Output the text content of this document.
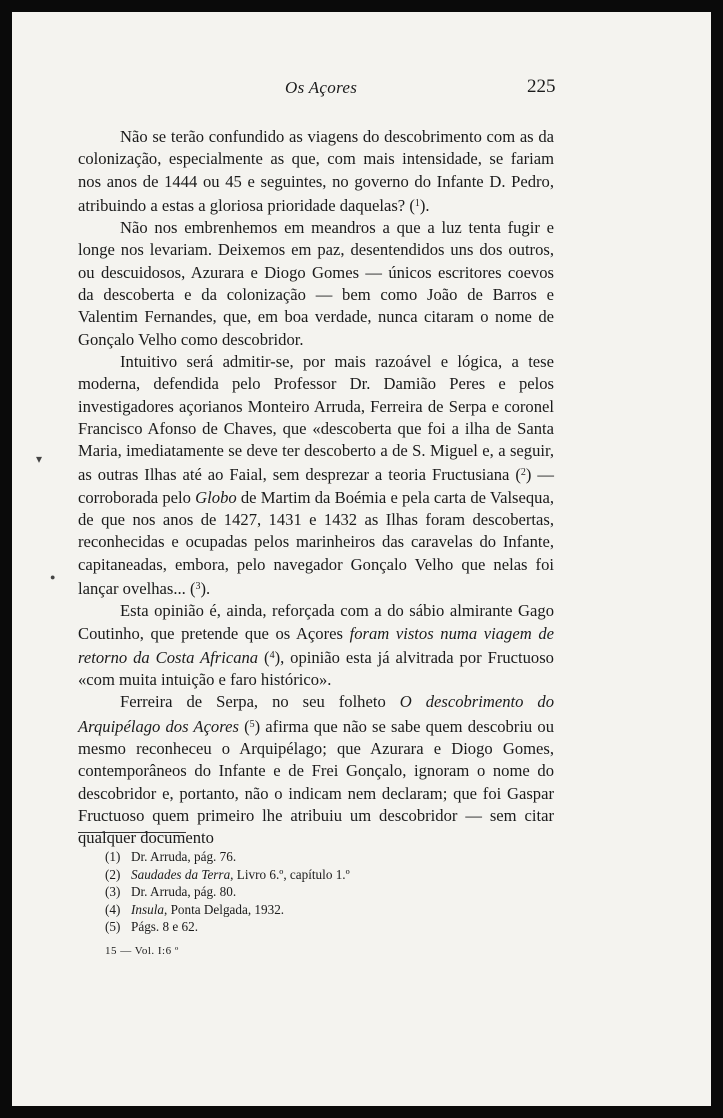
Os Açores	225

Não se terão confundido as viagens do descobrimento com as da colonização, especialmente as que, com mais intensidade, se fariam nos anos de 1444 ou 45 e seguintes, no governo do Infante D. Pedro, atribuindo a estas a gloriosa prioridade daquelas? ($^1$).

Não nos embrenhemos em meandros a que a luz tenta fugir e longe nos levariam. Deixemos em paz, desentendidos uns dos outros, ou descuidosos, Azurara e Diogo Gomes — únicos escritores coevos da descoberta e da colonização — bem como João de Barros e Valentim Fernandes, que, em boa verdade, nunca citaram o nome de Gonçalo Velho como descobridor.

Intuitivo será admitir-se, por mais razoável e lógica, a tese moderna, defendida pelo Professor Dr. Damião Peres e pelos investigadores açorianos Monteiro Arruda, Ferreira de Serpa e coronel Francisco Afonso de Chaves, que «descoberta que foi a ilha de Santa Maria, imediatamente se deve ter descoberto a de S. Miguel e, a seguir, as outras Ilhas até ao Faial, sem desprezar a teoria Fructusiana ($^2$) — corroborada pelo Globo de Martim da Boémia e pela carta de Valsequa, de que nos anos de 1427, 1431 e 1432 as Ilhas foram descobertas, reconhecidas e ocupadas pelos marinheiros das caravelas do Infante, capitaneadas, embora, pelo navegador Gonçalo Velho que nelas foi lançar ovelhas... ($^3$).

Esta opinião é, ainda, reforçada com a do sábio almirante Gago Coutinho, que pretende que os Açores foram vistos numa viagem de retorno da Costa Africana ($^4$), opinião esta já alvitrada por Fructuoso «com muita intuição e faro histórico».

Ferreira de Serpa, no seu folheto O descobrimento do Arquipélago dos Açores ($^5$) afirma que não se sabe quem descobriu ou mesmo reconheceu o Arquipélago; que Azurara e Diogo Gomes, contemporâneos do Infante e de Frei Gonçalo, ignoram o nome do descobridor e, portanto, não o indicam nem declaram; que foi Gaspar Fructuoso quem primeiro lhe atribuiu um descobridor — sem citar qualquer documento

▾
●
(1) Dr. Arruda, pág. 76.
(2) Saudades da Terra, Livro 6.º, capítulo 1.º
(3) Dr. Arruda, pág. 80.
(4) Insula, Ponta Delgada, 1932.
(5) Págs. 8 e 62.
15 — Vol. I:6 º
